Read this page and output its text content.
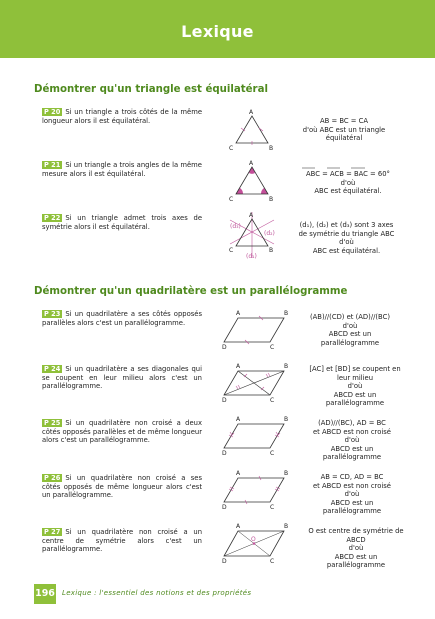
Lexique
Démontrer qu'un triangle est équilatéral
P 20 Si un triangle a trois côtés de la même longueur alors il est équilatéral.
A
C	B
AB = BC = CA
d'où ABC est un triangle
équilatéral
P 21 Si un triangle a trois angles de la même mesure alors il est équilatéral.
A
C	B
ABC = ACB = BAC = 60°
d'où
ABC est équilatéral.
P 22 Si un triangle admet trois axes de symétrie alors il est équilatéral.
A
C	B
(d₃)
(d₂)
(d₁)
(d₁), (d₂) et (d₃) sont 3 axes
de symétrie du triangle ABC
d'où
ABC est équilatéral.
Démontrer qu'un quadrilatère est un parallélogramme
P 23 Si un quadrilatère a ses côtés opposés parallèles alors c'est un parallélogramme.
A	B
C
D
(AB)//(CD) et (AD)//(BC)
d'où
ABCD est un
parallélogramme
P 24 Si un quadrilatère a ses diagonales qui se coupent en leur milieu alors c'est un parallélogramme.
A	B
C
D
[AC] et [BD] se coupent en
leur milieu
d'où
ABCD est un
parallélogramme
P 25 Si un quadrilatère non croisé a deux côtés opposés parallèles et de même longueur alors c'est un parallélogramme.
A	B
C
D
(AD)//(BC), AD = BC
et ABCD est non croisé
d'où
ABCD est un
parallélogramme
P 26 Si un quadrilatère non croisé a ses côtés opposés de même longueur alors c'est un parallélogramme.
A	B
C
D
AB = CD, AD = BC
et ABCD est non croisé
d'où
ABCD est un
parallélogramme
P 27 Si un quadrilatère non croisé a un centre de symétrie alors c'est un parallélogramme.
O
A	B
C
D
O est centre de symétrie de
ABCD
d'où
ABCD est un
parallélogramme
196 Lexique : l'essentiel des notions et des propriétés
